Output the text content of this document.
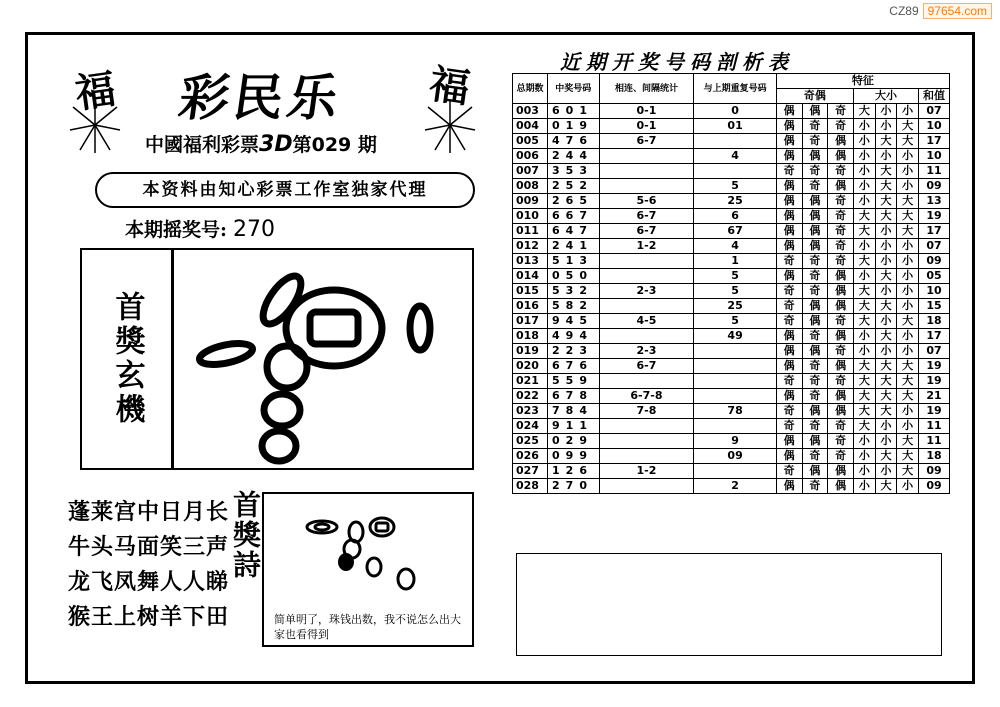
CZ89 97654.com
福	福
彩民乐
中國福利彩票3D第029 期
本资料由知心彩票工作室独家代理
本期摇奖号: 270
首獎玄機
蓬莱宫中日月长
牛头马面笑三声
龙飞凤舞人人睇
猴王上树羊下田
首獎詩
简单明了，珠钱出数，我不说怎么出大家也看得到
近期开奖号码剖析表
总期数	中奖号码	相连、间隔统计	与上期重复号码	特征						
				奇偶			大小			和值

003	601	0-1	0	偶	偶	奇	大	小	小	07
004	019	0-1	01	偶	奇	奇	小	小	大	10
005	476	6-7		偶	奇	偶	小	大	大	17
006	244		4	偶	偶	偶	小	小	小	10
007	353			奇	奇	奇	小	大	小	11
008	252		5	偶	奇	偶	小	大	小	09
009	265	5-6	25	偶	偶	奇	小	大	大	13
010	667	6-7	6	偶	偶	奇	大	大	大	19
011	647	6-7	67	偶	偶	奇	大	小	大	17
012	241	1-2	4	偶	偶	奇	小	小	小	07
013	513		1	奇	奇	奇	大	小	小	09
014	050		5	偶	奇	偶	小	大	小	05
015	532	2-3	5	奇	奇	偶	大	小	小	10
016	582		25	奇	偶	偶	大	大	小	15
017	945	4-5	5	奇	偶	奇	大	小	大	18
018	494		49	偶	奇	偶	小	大	小	17
019	223	2-3		偶	偶	奇	小	小	小	07
020	676	6-7		偶	奇	偶	大	大	大	19
021	559			奇	奇	奇	大	大	大	19
022	678	6-7-8		偶	奇	偶	大	大	大	21
023	784	7-8	78	奇	偶	偶	大	大	小	19
024	911			奇	奇	奇	大	小	小	11
025	029		9	偶	偶	奇	小	小	大	11
026	099		09	偶	奇	奇	小	大	大	18
027	126	1-2		奇	偶	偶	小	小	大	09
028	270		2	偶	奇	偶	小	大	小	09
